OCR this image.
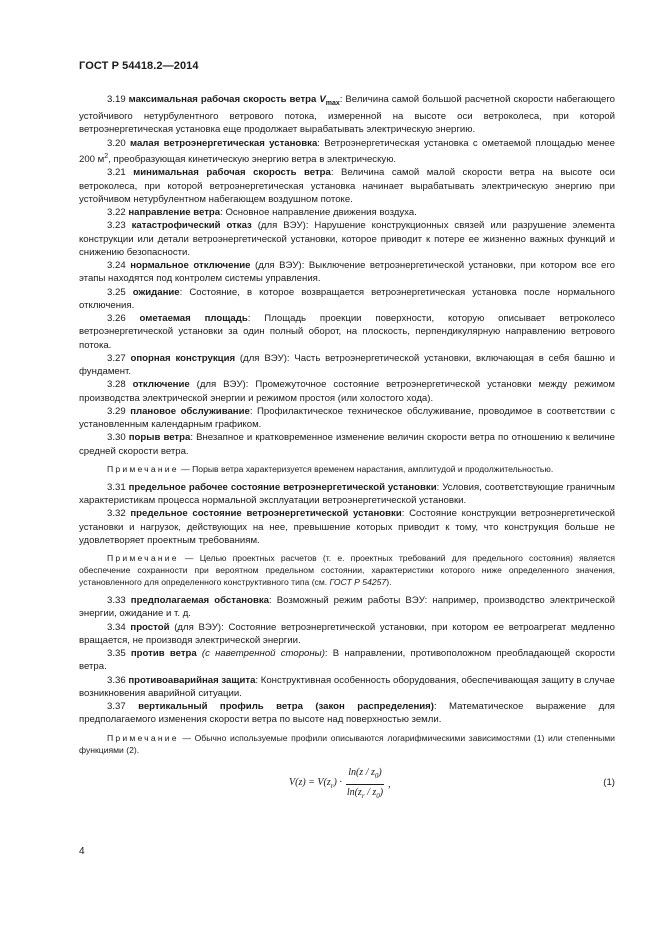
ГОСТ Р 54418.2—2014

3.19 максимальная рабочая скорость ветра $V_{max}$: Величина самой большой расчетной скорости набегающего устойчивого нетурбулентного ветрового потока, измеренной на высоте оси ветроколеса, при которой ветроэнергетическая установка еще продолжает вырабатывать электрическую энергию.

3.20 малая ветроэнергетическая установка: Ветроэнергетическая установка с ометаемой площадью менее 200 $м^2$, преобразующая кинетическую энергию ветра в электрическую.

3.21 минимальная рабочая скорость ветра: Величина самой малой скорости ветра на высоте оси ветроколеса, при которой ветроэнергетическая установка начинает вырабатывать электрическую энергию при устойчивом нетурбулентном набегающем воздушном потоке.

3.22 направление ветра: Основное направление движения воздуха.

3.23 катастрофический отказ (для ВЭУ): Нарушение конструкционных связей или разрушение элемента конструкции или детали ветроэнергетической установки, которое приводит к потере ее жизненно важных функций и снижению безопасности.

3.24 нормальное отключение (для ВЭУ): Выключение ветроэнергетической установки, при котором все его этапы находятся под контролем системы управления.

3.25 ожидание: Состояние, в которое возвращается ветроэнергетическая установка после нормального отключения.

3.26 ометаемая площадь: Площадь проекции поверхности, которую описывает ветроколесо ветроэнергетической установки за один полный оборот, на плоскость, перпендикулярную направлению ветрового потока.

3.27 опорная конструкция (для ВЭУ): Часть ветроэнергетической установки, включающая в себя башню и фундамент.

3.28 отключение (для ВЭУ): Промежуточное состояние ветроэнергетической установки между режимом производства электрической энергии и режимом простоя (или холостого хода).

3.29 плановое обслуживание: Профилактическое техническое обслуживание, проводимое в соответствии с установленным календарным графиком.

3.30 порыв ветра: Внезапное и кратковременное изменение величин скорости ветра по отношению к величине средней скорости ветра.

Примечание — Порыв ветра характеризуется временем нарастания, амплитудой и продолжительностью.

3.31 предельное рабочее состояние ветроэнергетической установки: Условия, соответствующие граничным характеристикам процесса нормальной эксплуатации ветроэнергетической установки.

3.32 предельное состояние ветроэнергетической установки: Состояние конструкции ветроэнергетической установки и нагрузок, действующих на нее, превышение которых приводит к тому, что конструкция больше не удовлетворяет проектным требованиям.

Примечание — Целью проектных расчетов (т. е. проектных требований для предельного состояния) является обеспечение сохранности при вероятном предельном состоянии, характеристики которого ниже определенного значения, установленного для определенного конструктивного типа (см. ГОСТ Р 54257).

3.33 предполагаемая обстановка: Возможный режим работы ВЭУ: например, производство электрической энергии, ожидание и т. д.

3.34 простой (для ВЭУ): Состояние ветроэнергетической установки, при котором ее ветроагрегат медленно вращается, не производя электрической энергии.

3.35 против ветра (с наветренной стороны): В направлении, противоположном преобладающей скорости ветра.

3.36 противоаварийная защита: Конструктивная особенность оборудования, обеспечивающая защиту в случае возникновения аварийной ситуации.

3.37 вертикальный профиль ветра (закон распределения): Математическое выражение для предполагаемого изменения скорости ветра по высоте над поверхностью земли.

Примечание — Обычно используемые профили описываются логарифмическими зависимостями (1) или степенными функциями (2).

$V(z) = V(z_r) \cdot \frac{\ln(z / z_0)}{\ln(z_r / z_0)}$ ,	(1)
4
